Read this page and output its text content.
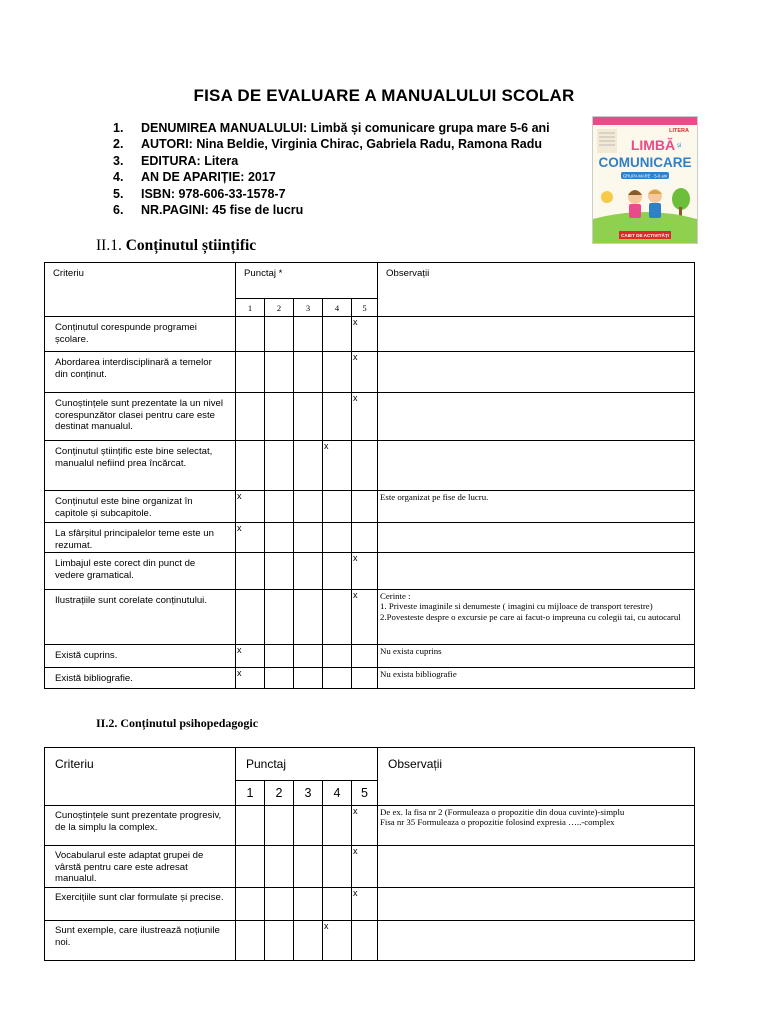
FISA DE EVALUARE A MANUALULUI SCOLAR
1.	DENUMIREA MANUALULUI: Limbă și comunicare grupa mare 5-6 ani
2.	AUTORI: Nina Beldie, Virginia Chirac, Gabriela Radu, Ramona Radu
3.	EDITURA: Litera
4.	AN DE APARIȚIE: 2017
5.	ISBN: 978-606-33-1578-7
6.	NR.PAGINI: 45 fise de lucru
LITERA
LIMBĂ și
COMUNICARE
GRUPA MARE · 5-6 ani
CAIET DE ACTIVITĂȚI
II.1. Conținutul științific
Criteriu	Punctaj *					Observații
	1	2	3	4	5	
Conținutul corespunde programei școlare.					x	
Abordarea interdisciplinară a temelor din conținut.					x	
Cunoștințele sunt prezentate la un nivel corespunzător clasei pentru care este destinat manualul.					x	
Conținutul științific este bine selectat, manualul nefiind prea încărcat.				x		
Conținutul este bine organizat în capitole și subcapitole.	x					Este organizat pe fise de lucru.
La sfârșitul principalelor teme este un rezumat.	x					
Limbajul este corect din punct de vedere gramatical.					x	
Ilustrațiile sunt corelate conținutului.					x	Cerinte :
1. Priveste imaginile si denumeste ( imagini cu mijloace de transport terestre)
2.Povesteste despre o excursie pe care ai facut-o impreuna cu colegii tai, cu autocarul
Există cuprins.	x					Nu exista cuprins
Există bibliografie.	x					Nu exista bibliografie
II.2. Conținutul psihopedagogic
Criteriu	Punctaj					Observații
	1	2	3	4	5	
Cunoștințele sunt prezentate progresiv, de la simplu la complex.					x	De ex. la fisa nr 2 (Formuleaza o propozitie din doua cuvinte)-simplu
Fisa nr 35 Formuleaza o propozitie folosind expresia …..-complex
Vocabularul este adaptat grupei de vârstă pentru care este adresat manualul.					x	
Exercițiile sunt clar formulate și precise.					x	
Sunt exemple, care ilustrează noțiunile noi.				x		
